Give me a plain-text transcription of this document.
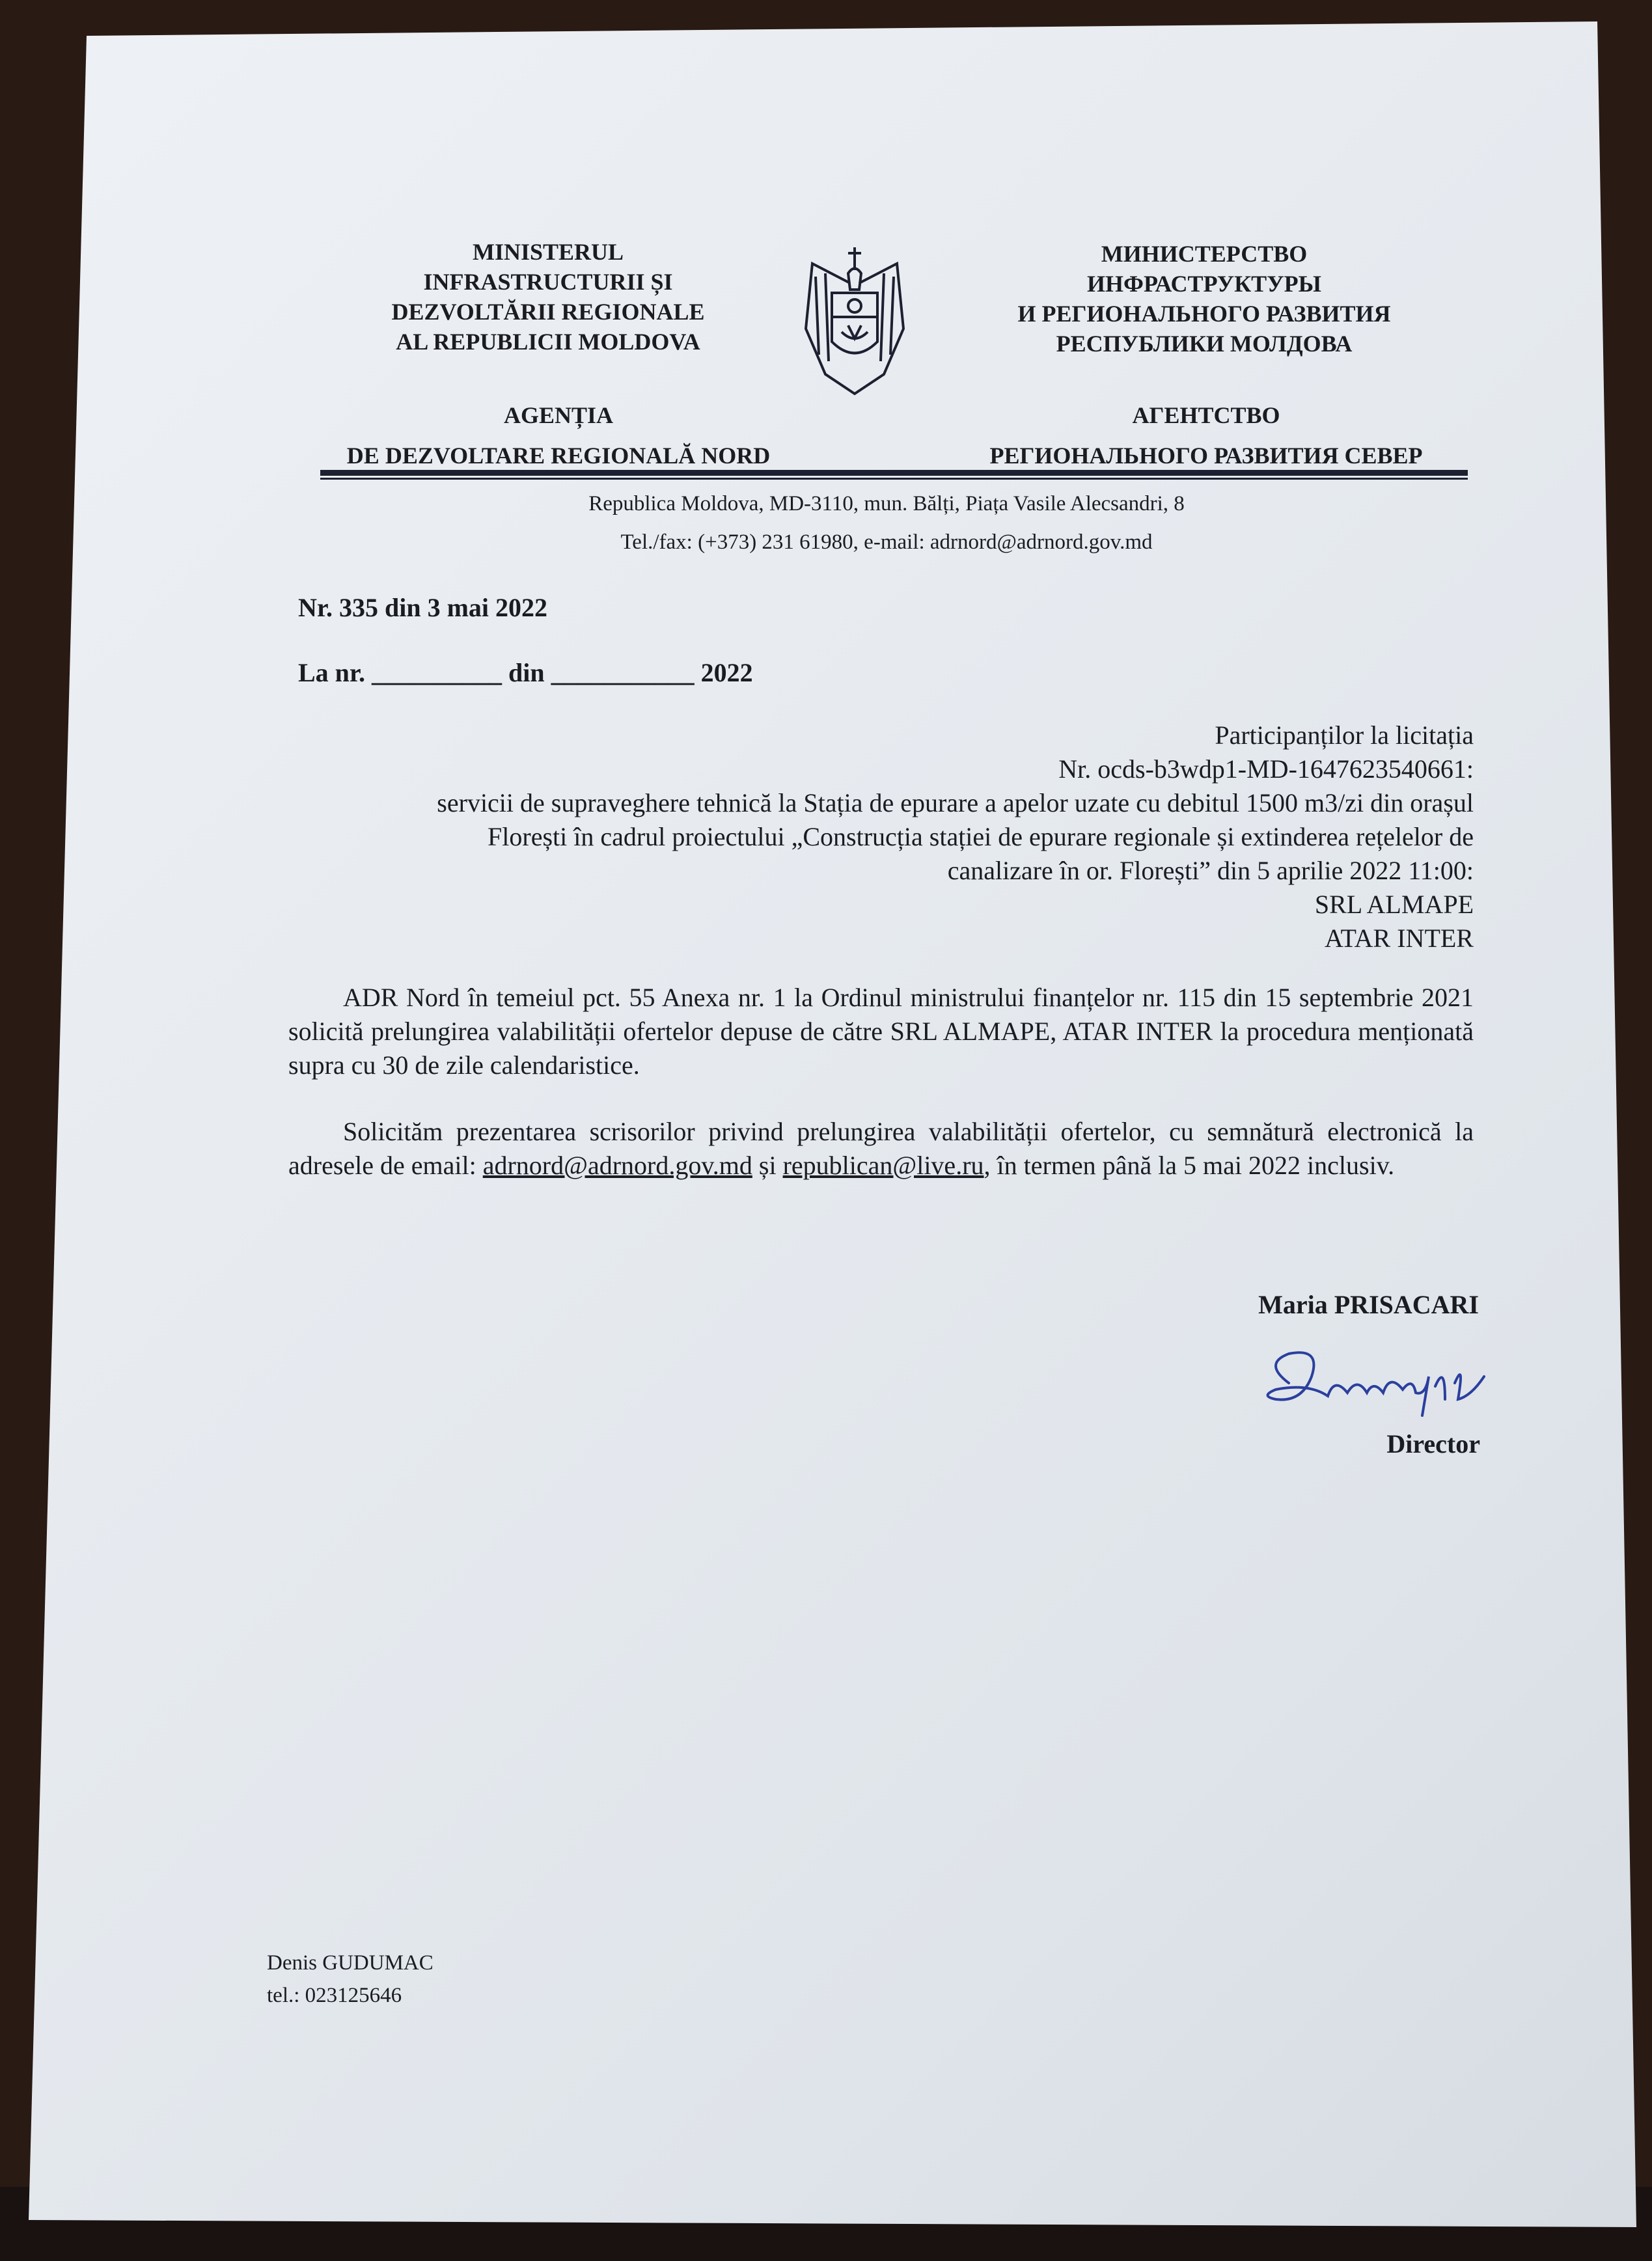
MINISTERUL
INFRASTRUCTURII ȘI
DEZVOLTĂRII REGIONALE
AL REPUBLICII MOLDOVA
МИНИСТЕРСТВО
ИНФРАСТРУКТУРЫ
И РЕГИОНАЛЬНОГО РАЗВИТИЯ
РЕСПУБЛИКИ МОЛДОВА
AGENȚIA
DE DEZVOLTARE REGIONALĂ NORD
АГЕНТСТВО
РЕГИОНАЛЬНОГО РАЗВИТИЯ СЕВЕР
Republica Moldova, MD-3110, mun. Bălți, Piața Vasile Alecsandri, 8
Tel./fax: (+373) 231 61980, e-mail: adrnord@adrnord.gov.md
Nr. 335 din 3 mai 2022
La nr. __________ din ___________ 2022
Participanților la licitația
Nr. ocds-b3wdp1-MD-1647623540661:
servicii de supraveghere tehnică la Stația de epurare a apelor uzate cu debitul 1500 m3/zi din orașul
Florești în cadrul proiectului „Construcția stației de epurare regionale și extinderea rețelelor de
canalizare în or. Florești” din 5 aprilie 2022 11:00:
SRL ALMAPE
ATAR INTER
ADR Nord în temeiul pct. 55 Anexa nr. 1 la Ordinul ministrului finanțelor nr. 115 din 15 septembrie 2021 solicită prelungirea valabilității ofertelor depuse de către SRL ALMAPE, ATAR INTER la procedura menționată supra cu 30 de zile calendaristice.
Solicităm prezentarea scrisorilor privind prelungirea valabilității ofertelor, cu semnătură electronică la adresele de email: adrnord@adrnord.gov.md și republican@live.ru, în termen până la 5 mai 2022 inclusiv.
Maria PRISACARI
Director
Denis GUDUMAC
tel.: 023125646
